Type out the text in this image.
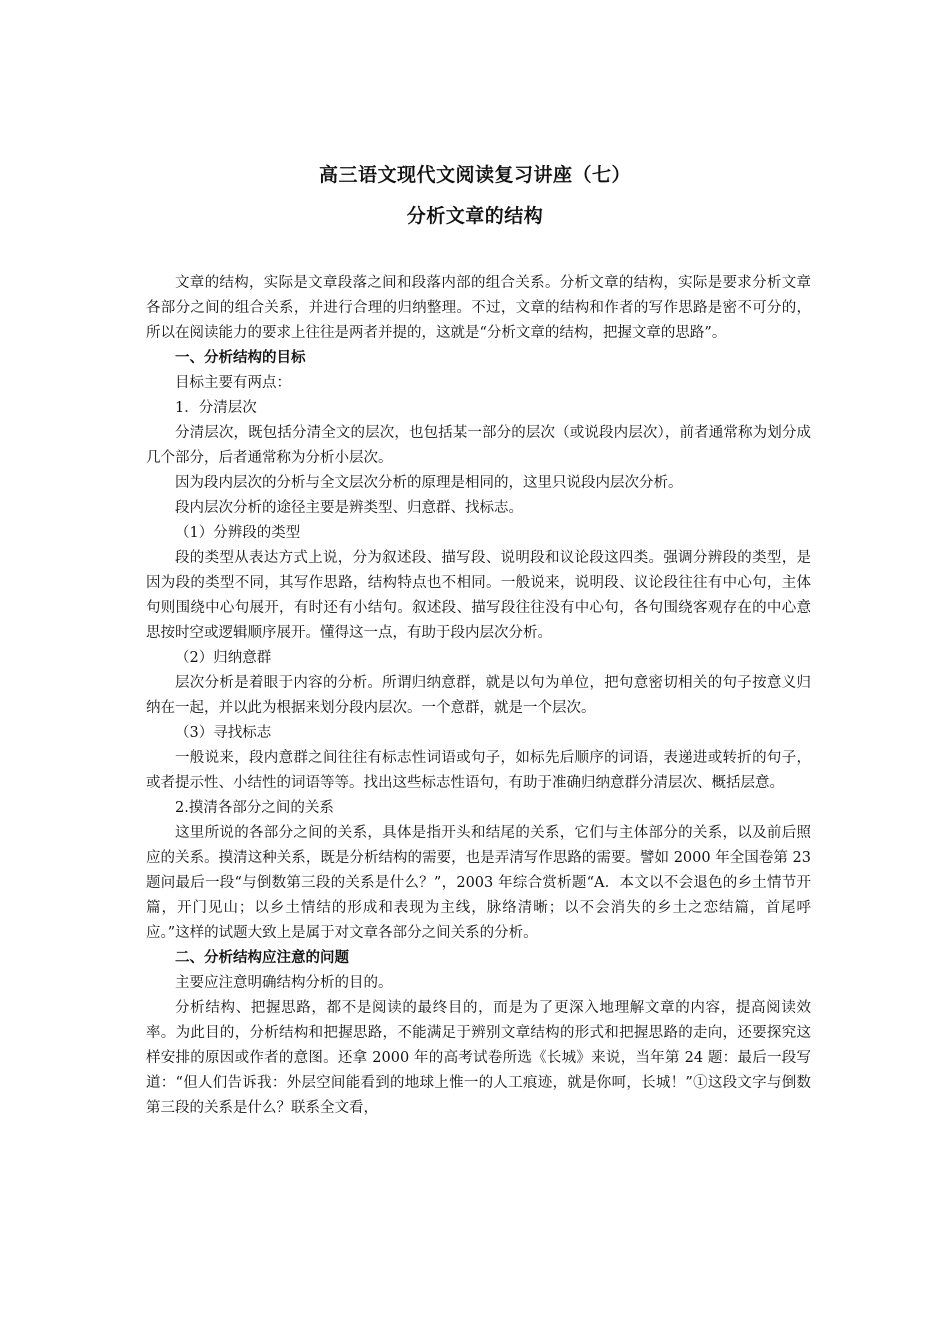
高三语文现代文阅读复习讲座（七）
分析文章的结构

文章的结构，实际是文章段落之间和段落内部的组合关系。分析文章的结构，实际是要求分析文章各部分之间的组合关系，并进行合理的归纳整理。不过，文章的结构和作者的写作思路是密不可分的，所以在阅读能力的要求上往往是两者并提的，这就是“分析文章的结构，把握文章的思路”。

一、分析结构的目标

目标主要有两点：

1．分清层次

分清层次，既包括分清全文的层次，也包括某一部分的层次（或说段内层次），前者通常称为划分成几个部分，后者通常称为分析小层次。

因为段内层次的分析与全文层次分析的原理是相同的，这里只说段内层次分析。

段内层次分析的途径主要是辨类型、归意群、找标志。

（1）分辨段的类型

段的类型从表达方式上说，分为叙述段、描写段、说明段和议论段这四类。强调分辨段的类型，是因为段的类型不同，其写作思路，结构特点也不相同。一般说来，说明段、议论段往往有中心句，主体句则围绕中心句展开，有时还有小结句。叙述段、描写段往往没有中心句，各句围绕客观存在的中心意思按时空或逻辑顺序展开。懂得这一点，有助于段内层次分析。

（2）归纳意群

层次分析是着眼于内容的分析。所谓归纳意群，就是以句为单位，把句意密切相关的句子按意义归纳在一起，并以此为根据来划分段内层次。一个意群，就是一个层次。

（3）寻找标志

一般说来，段内意群之间往往有标志性词语或句子，如标先后顺序的词语，表递进或转折的句子，或者提示性、小结性的词语等等。找出这些标志性语句，有助于准确归纳意群分清层次、概括层意。

2.摸清各部分之间的关系

这里所说的各部分之间的关系，具体是指开头和结尾的关系，它们与主体部分的关系，以及前后照应的关系。摸清这种关系，既是分析结构的需要，也是弄清写作思路的需要。譬如 2000 年全国卷第 23 题问最后一段“与倒数第三段的关系是什么？”，2003 年综合赏析题“A．本文以不会退色的乡土情节开篇，开门见山；以乡土情结的形成和表现为主线，脉络清晰；以不会消失的乡土之恋结篇，首尾呼应。”这样的试题大致上是属于对文章各部分之间关系的分析。

二、分析结构应注意的问题

主要应注意明确结构分析的目的。

分析结构、把握思路，都不是阅读的最终目的，而是为了更深入地理解文章的内容，提高阅读效率。为此目的，分析结构和把握思路，不能满足于辨别文章结构的形式和把握思路的走向，还要探究这样安排的原因或作者的意图。还拿 2000 年的高考试卷所选《长城》来说，当年第 24 题：最后一段写道：“但人们告诉我：外层空间能看到的地球上惟一的人工痕迹，就是你呵，长城！”①这段文字与倒数第三段的关系是什么？联系全文看，
